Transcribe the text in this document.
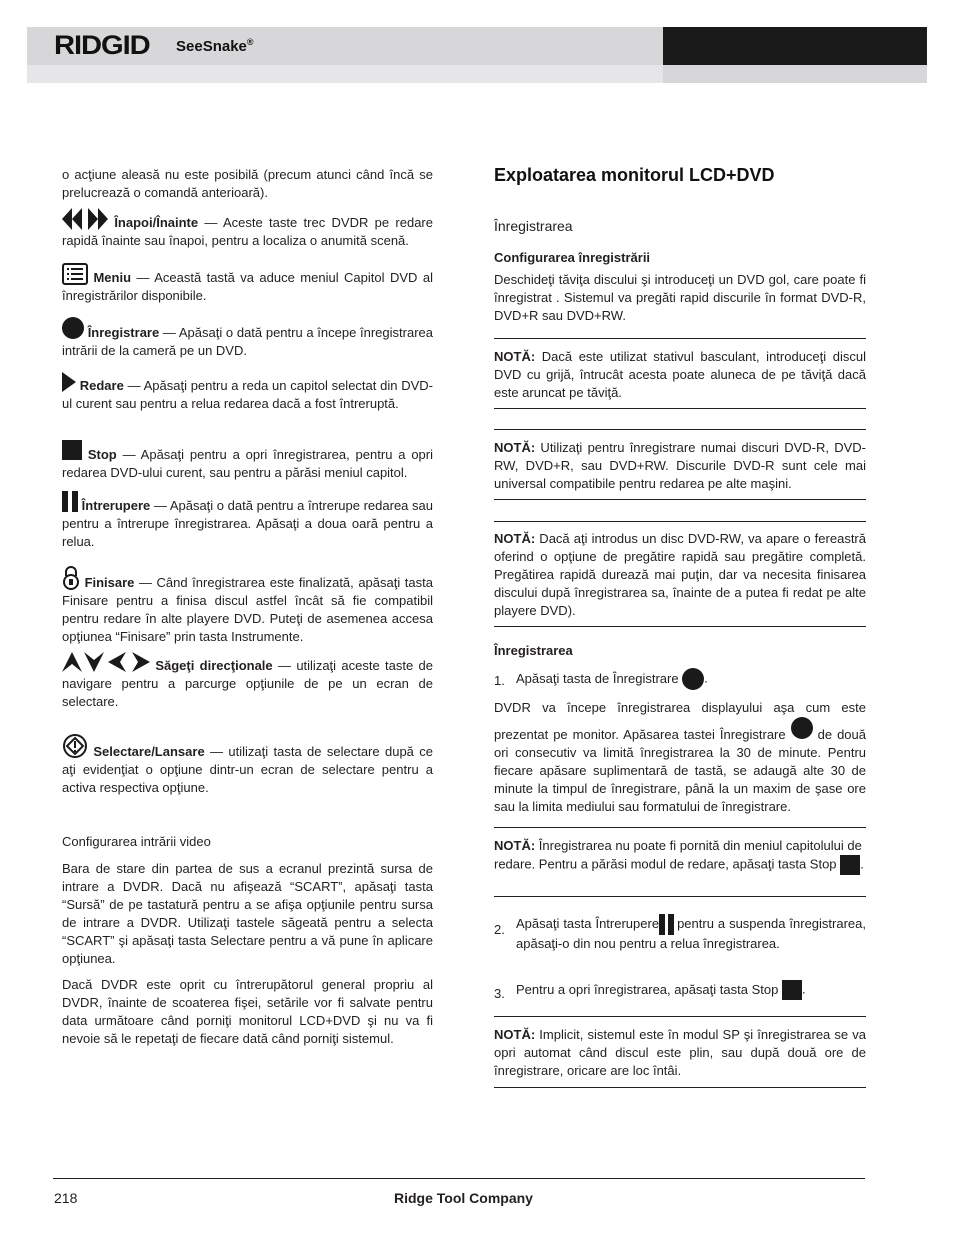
RIDGID SeeSnake®
o acţiune aleasă nu este posibilă (precum atunci când încă se prelucrează o comandă anterioară).
Înapoi/Înainte — Aceste taste trec DVDR pe redare rapidă înainte sau înapoi, pentru a localiza o anumită scenă.
Meniu — Această tastă va aduce meniul Capitol DVD al înregistrărilor disponibile.
Înregistrare — Apăsaţi o dată pentru a începe înregistrarea intrării de la cameră pe un DVD.
Redare — Apăsaţi pentru a reda un capitol selectat din DVD-ul curent sau pentru a relua redarea dacă a fost întreruptă.
Stop — Apăsaţi pentru a opri înregistrarea, pentru a opri redarea DVD-ului curent, sau pentru a părăsi meniul capitol.
Întrerupere — Apăsaţi o dată pentru a întrerupe redarea sau pentru a întrerupe înregistrarea. Apăsaţi a doua oară pentru a relua.
Finisare — Când înregistrarea este finalizată, apăsaţi tasta Finisare pentru a finisa discul astfel încât să fie compatibil pentru redare în alte playere DVD. Puteţi de asemenea accesa opţiunea “Finisare” prin tasta Instrumente.
Săgeţi direcţionale — utilizaţi aceste taste de navigare pentru a parcurge opţiunile de pe un ecran de selectare.
Selectare/Lansare — utilizaţi tasta de selectare după ce aţi evidenţiat o opţiune dintr-un ecran de selectare pentru a activa respectiva opţiune.
Configurarea intrării video
Bara de stare din partea de sus a ecranul prezintă sursa de intrare a DVDR. Dacă nu afişează “SCART”, apăsaţi tasta “Sursă” de pe tastatură pentru a se afişa opţiunile pentru sursa de intrare a DVDR. Utilizaţi tastele săgeată pentru a selecta “SCART” şi apăsaţi tasta Selectare pentru a vă pune în aplicare opţiunea.
Dacă DVDR este oprit cu întrerupătorul general propriu al DVDR, înainte de scoaterea fişei, setările vor fi salvate pentru data următoare când porniţi monitorul LCD+DVD şi nu va fi nevoie să le repetaţi de fiecare dată când porniţi sistemul.
Exploatarea monitorul LCD+DVD
Înregistrarea
Configurarea înregistrării
Deschideţi tăviţa discului şi introduceţi un DVD gol, care poate fi înregistrat . Sistemul va pregăti rapid discurile în format DVD-R, DVD+R sau DVD+RW.
NOTĂ: Dacă este utilizat stativul basculant, introduceţi discul DVD cu grijă, întrucât acesta poate aluneca de pe tăviţă dacă este aruncat pe tăviţă.
NOTĂ: Utilizaţi pentru înregistrare numai discuri DVD-R, DVD-RW, DVD+R, sau DVD+RW. Discurile DVD-R sunt cele mai universal compatibile pentru redarea pe alte maşini.
NOTĂ: Dacă aţi introdus un disc DVD-RW, va apare o fereastră oferind o opţiune de pregătire rapidă sau pregătire completă. Pregătirea rapidă durează mai puţin, dar va necesita finisarea discului după înregistrarea sa, înainte de a putea fi redat pe alte playere DVD).
Înregistrarea
1. Apăsaţi tasta de Înregistrare .
DVDR va începe înregistrarea displayului aşa cum este prezentat pe monitor. Apăsarea tastei Înregistrare de două ori consecutiv va limită înregistrarea la 30 de minute. Pentru fiecare apăsare suplimentară de tastă, se adaugă alte 30 de minute la timpul de înregistrare, până la un maxim de şase ore sau la limita mediului sau formatului de înregistrare.
NOTĂ: Înregistrarea nu poate fi pornită din meniul capitolului de redare. Pentru a părăsi modul de redare, apăsaţi tasta Stop .
2. Apăsaţi tasta Întrerupere pentru a suspenda înregistrarea, apăsaţi-o din nou pentru a relua înregistrarea.
3. Pentru a opri înregistrarea, apăsaţi tasta Stop .
NOTĂ: Implicit, sistemul este în modul SP şi înregistrarea se va opri automat când discul este plin, sau după două ore de înregistrare, oricare are loc întâi.
218	Ridge Tool Company
